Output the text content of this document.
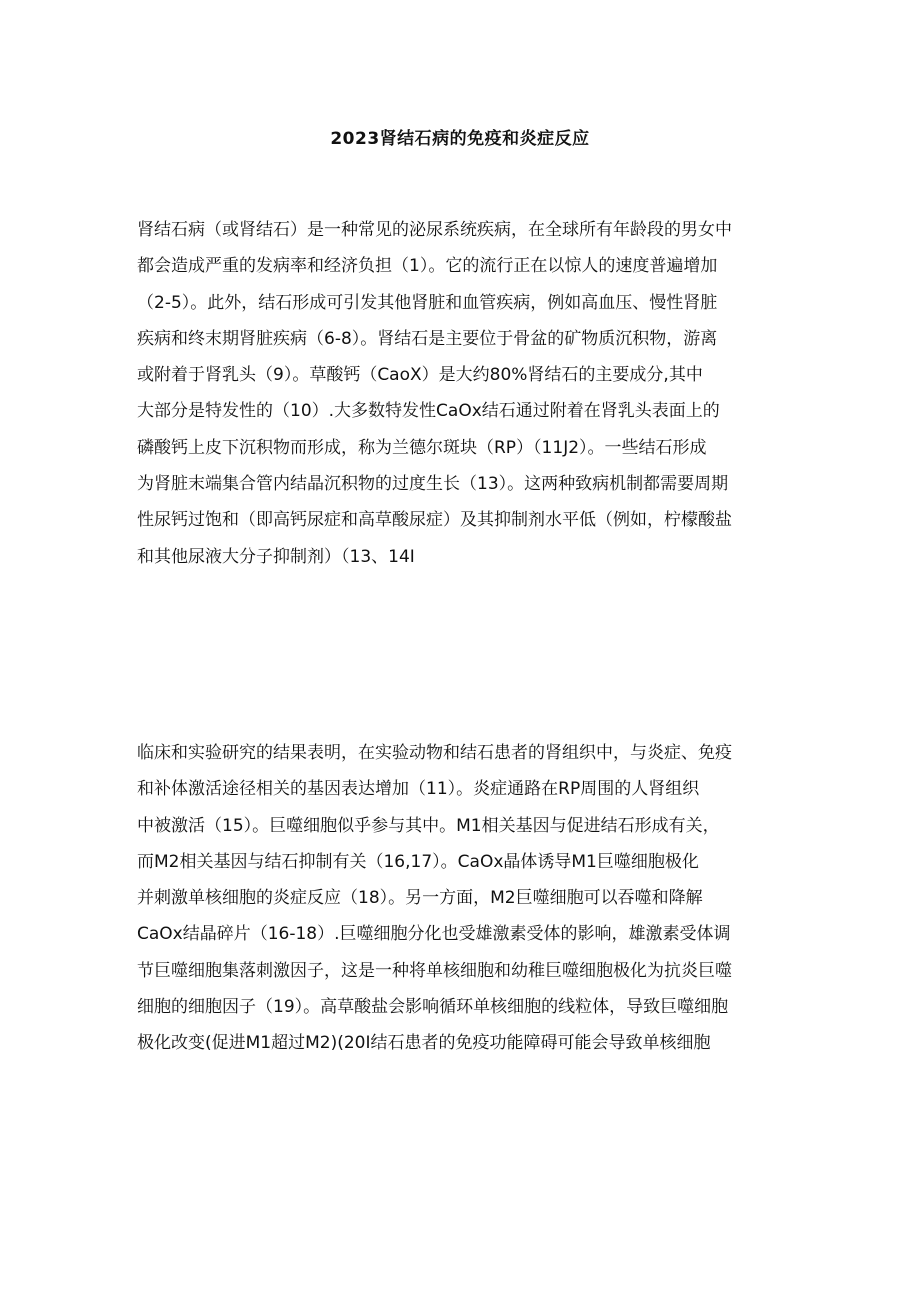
2023肾结石病的免疫和炎症反应
肾结石病（或肾结石）是一种常见的泌尿系统疾病，在全球所有年龄段的男女中
都会造成严重的发病率和经济负担（1）。它的流行正在以惊人的速度普遍增加
（2-5）。此外，结石形成可引发其他肾脏和血管疾病，例如高血压、慢性肾脏
疾病和终末期肾脏疾病（6-8）。肾结石是主要位于骨盆的矿物质沉积物，游离
或附着于肾乳头（9）。草酸钙（CaoX）是大约80%肾结石的主要成分,其中
大部分是特发性的（10）.大多数特发性CaOx结石通过附着在肾乳头表面上的
磷酸钙上皮下沉积物而形成，称为兰德尔斑块（RP）（11J2）。一些结石形成
为肾脏末端集合管内结晶沉积物的过度生长（13）。这两种致病机制都需要周期
性尿钙过饱和（即高钙尿症和高草酸尿症）及其抑制剂水平低（例如，柠檬酸盐
和其他尿液大分子抑制剂）（13、14I
临床和实验研究的结果表明，在实验动物和结石患者的肾组织中，与炎症、免疫
和补体激活途径相关的基因表达增加（11）。炎症通路在RP周围的人肾组织
中被激活（15）。巨噬细胞似乎参与其中。M1相关基因与促进结石形成有关，
而M2相关基因与结石抑制有关（16,17）。CaOx晶体诱导M1巨噬细胞极化
并刺激单核细胞的炎症反应（18）。另一方面，M2巨噬细胞可以吞噬和降解
CaOx结晶碎片（16-18）.巨噬细胞分化也受雄激素受体的影响，雄激素受体调
节巨噬细胞集落刺激因子，这是一种将单核细胞和幼稚巨噬细胞极化为抗炎巨噬
细胞的细胞因子（19）。高草酸盐会影响循环单核细胞的线粒体，导致巨噬细胞
极化改变(促进M1超过M2)(20I结石患者的免疫功能障碍可能会导致单核细胞
